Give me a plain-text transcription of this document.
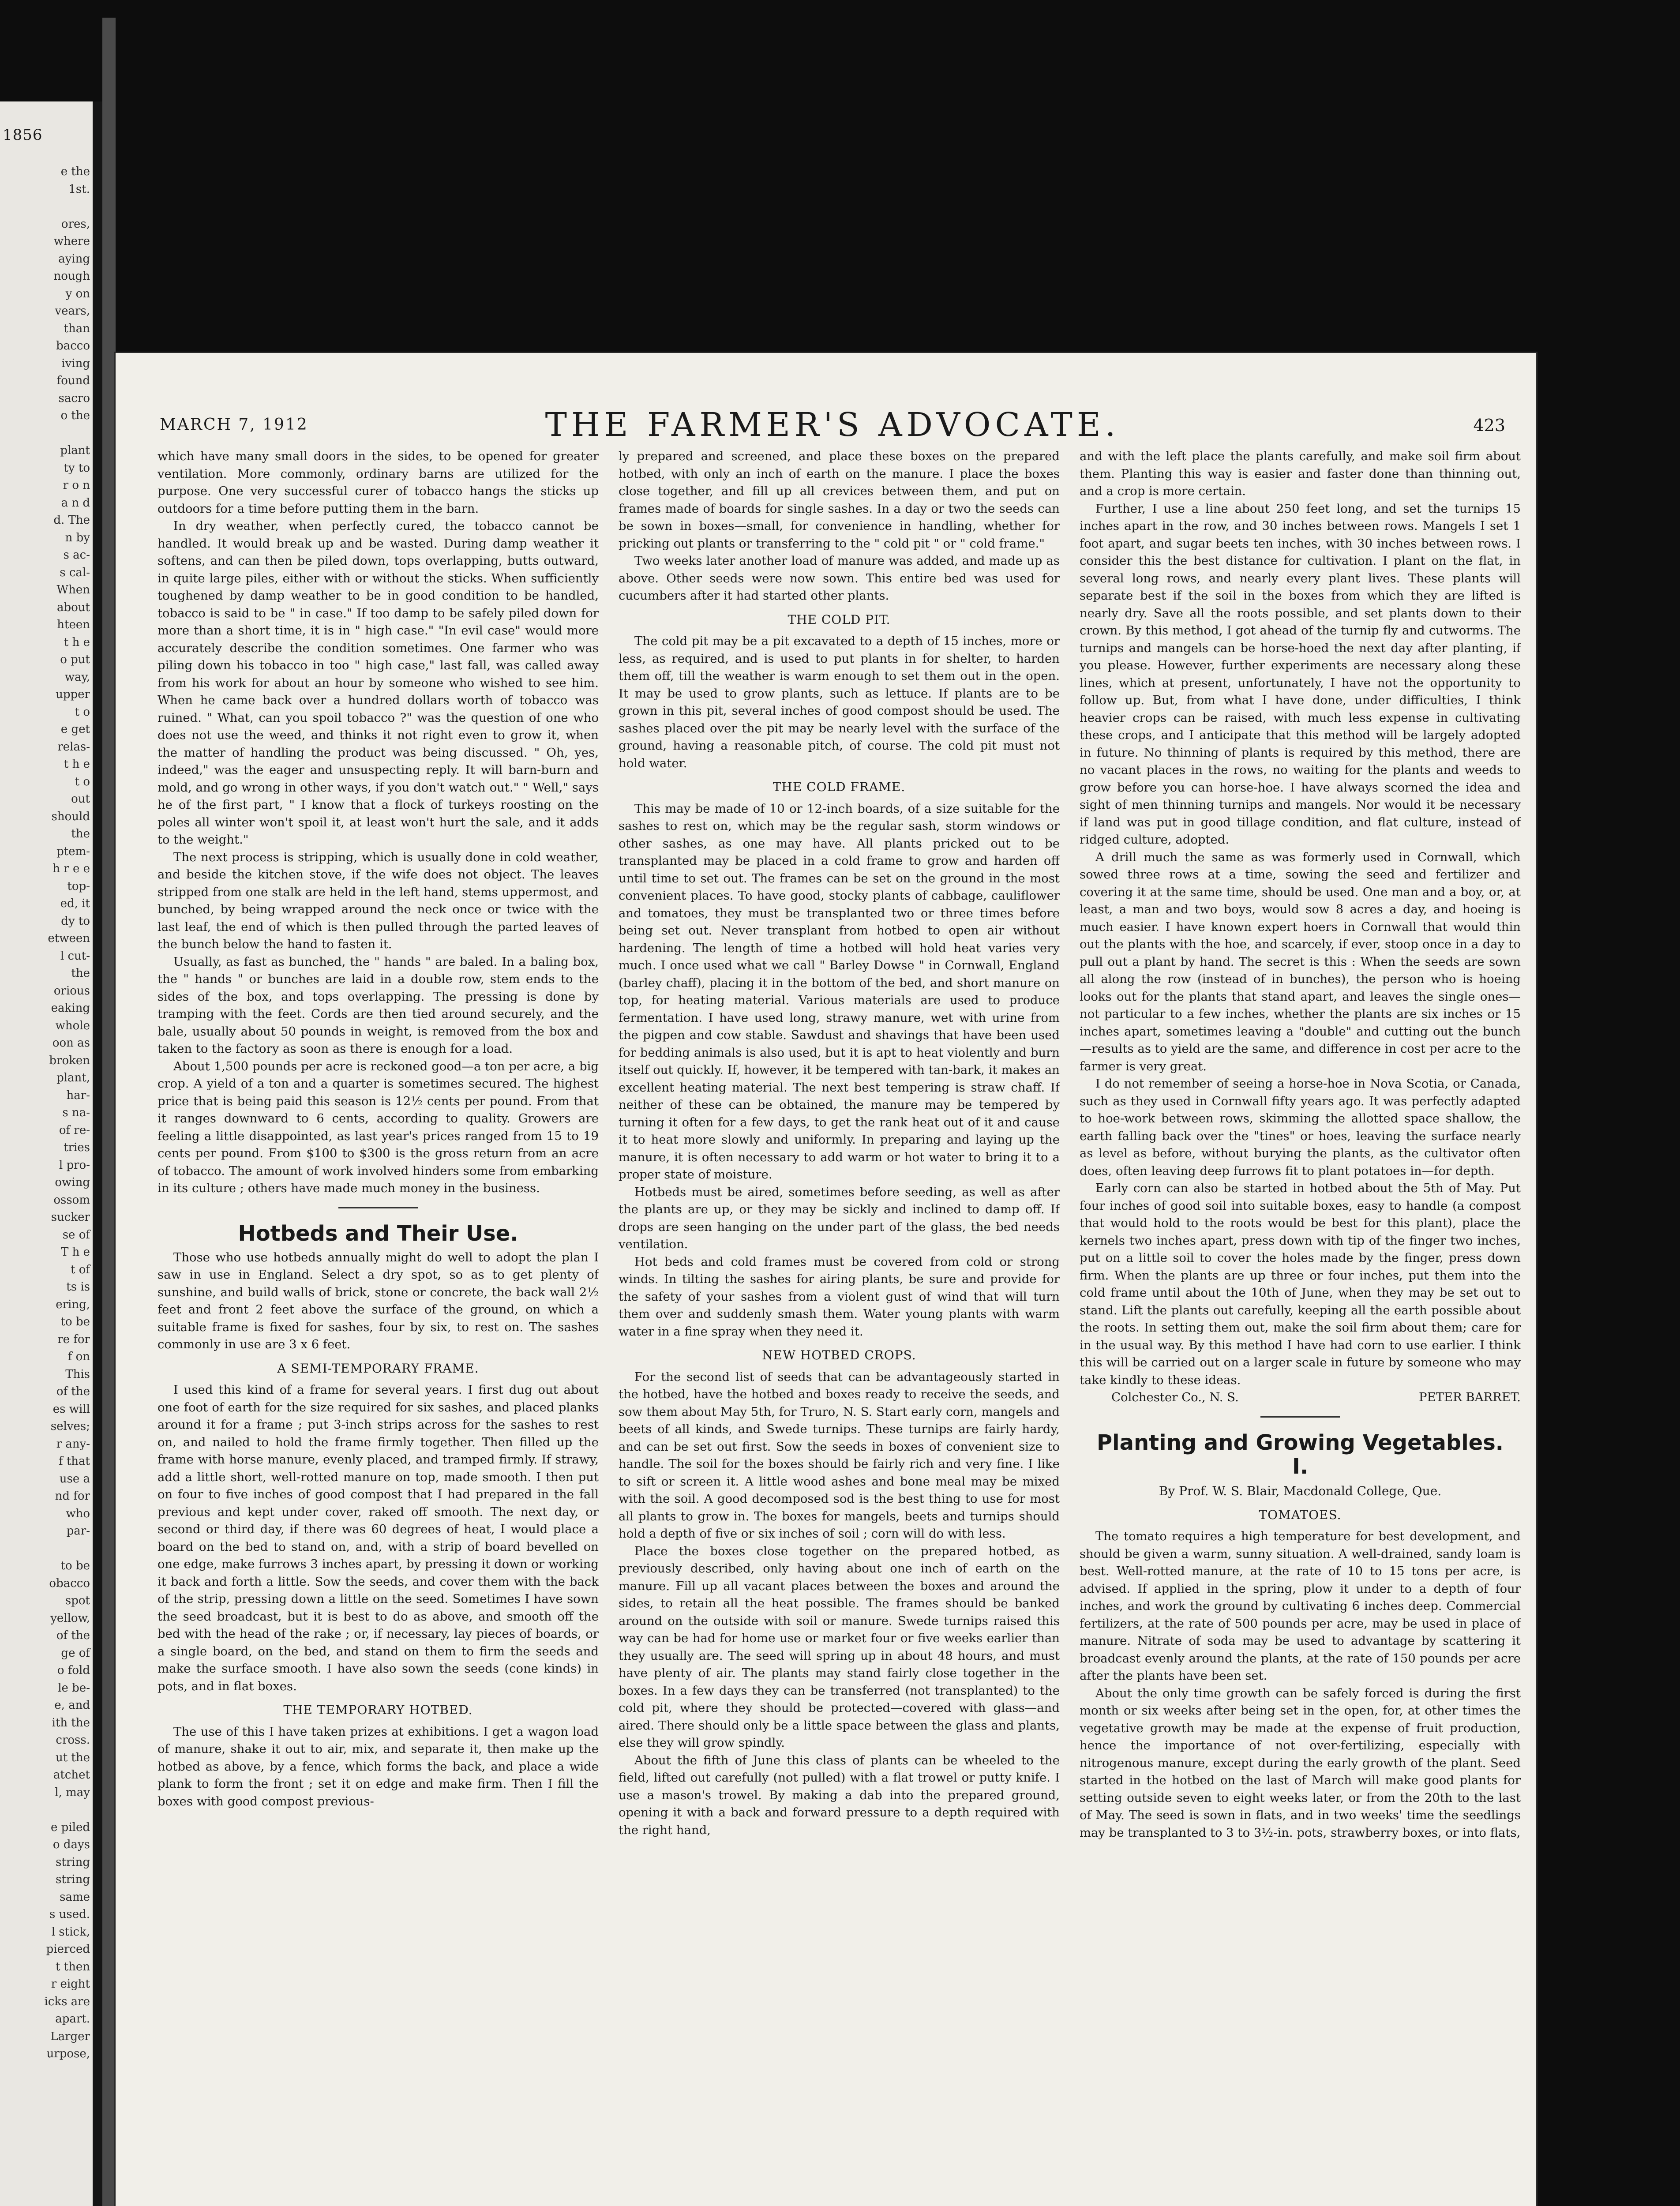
1856
e the
1st.

ores,
where
aying
nough
y on
vears,
than
bacco
iving
found
sacro
o the

plant
ty to
r o n
a n d
d. The
n by
s ac-
s cal-
When
about
hteen
t h e
o put
way,
upper
t o
e get
relas-
t h e
t o
out
should
the
ptem-
h r e e
top-
ed, it
dy to
etween
l cut-
the
orious
eaking
whole
oon as
broken
plant,
har-
s na-
of re-
tries
l pro-
owing
ossom
sucker
se of
T h e
t of
ts is
ering,
to be
re for
f on
This
of the
es will
selves;
r any-
f that
use a
nd for
who
par-

to be
obacco
spot
yellow,
of the
ge of
o fold
le be-
e, and
ith the
cross.
ut the
atchet
l, may

e piled
o days
string
string
same
s used.
l stick,
pierced
t then
r eight
icks are
apart.
Larger
urpose,
MARCH 7, 1912	THE FARMER'S ADVOCATE.	423

which have many small doors in the sides, to be opened for greater ventilation. More commonly, ordinary barns are utilized for the purpose. One very successful curer of tobacco hangs the sticks up outdoors for a time before putting them in the barn.

In dry weather, when perfectly cured, the tobacco cannot be handled. It would break up and be wasted. During damp weather it softens, and can then be piled down, tops overlapping, butts outward, in quite large piles, either with or without the sticks. When sufficiently toughened by damp weather to be in good condition to be handled, tobacco is said to be " in case." If too damp to be safely piled down for more than a short time, it is in " high case." "In evil case" would more accurately describe the condition sometimes. One farmer who was piling down his tobacco in too " high case," last fall, was called away from his work for about an hour by someone who wished to see him. When he came back over a hundred dollars worth of tobacco was ruined. " What, can you spoil tobacco ?" was the question of one who does not use the weed, and thinks it not right even to grow it, when the matter of handling the product was being discussed. " Oh, yes, indeed," was the eager and unsuspecting reply. It will barn-burn and mold, and go wrong in other ways, if you don't watch out." " Well," says he of the first part, " I know that a flock of turkeys roosting on the poles all winter won't spoil it, at least won't hurt the sale, and it adds to the weight."

The next process is stripping, which is usually done in cold weather, and beside the kitchen stove, if the wife does not object. The leaves stripped from one stalk are held in the left hand, stems uppermost, and bunched, by being wrapped around the neck once or twice with the last leaf, the end of which is then pulled through the parted leaves of the bunch below the hand to fasten it.

Usually, as fast as bunched, the " hands " are baled. In a baling box, the " hands " or bunches are laid in a double row, stem ends to the sides of the box, and tops overlapping. The pressing is done by tramping with the feet. Cords are then tied around securely, and the bale, usually about 50 pounds in weight, is removed from the box and taken to the factory as soon as there is enough for a load.

About 1,500 pounds per acre is reckoned good—a ton per acre, a big crop. A yield of a ton and a quarter is sometimes secured. The highest price that is being paid this season is 12½ cents per pound. From that it ranges downward to 6 cents, according to quality. Growers are feeling a little disappointed, as last year's prices ranged from 15 to 19 cents per pound. From $100 to $300 is the gross return from an acre of tobacco. The amount of work involved hinders some from embarking in its culture ; others have made much money in the business.

Hotbeds and Their Use.

Those who use hotbeds annually might do well to adopt the plan I saw in use in England. Select a dry spot, so as to get plenty of sunshine, and build walls of brick, stone or concrete, the back wall 2½ feet and front 2 feet above the surface of the ground, on which a suitable frame is fixed for sashes, four by six, to rest on. The sashes commonly in use are 3 x 6 feet.

A SEMI-TEMPORARY FRAME.

I used this kind of a frame for several years. I first dug out about one foot of earth for the size required for six sashes, and placed planks around it for a frame ; put 3-inch strips across for the sashes to rest on, and nailed to hold the frame firmly together. Then filled up the frame with horse manure, evenly placed, and tramped firmly. If strawy, add a little short, well-rotted manure on top, made smooth. I then put on four to five inches of good compost that I had prepared in the fall previous and kept under cover, raked off smooth. The next day, or second or third day, if there was 60 degrees of heat, I would place a board on the bed to stand on, and, with a strip of board bevelled on one edge, make furrows 3 inches apart, by pressing it down or working it back and forth a little. Sow the seeds, and cover them with the back of the strip, pressing down a little on the seed. Sometimes I have sown the seed broadcast, but it is best to do as above, and smooth off the bed with the head of the rake ; or, if necessary, lay pieces of boards, or a single board, on the bed, and stand on them to firm the seeds and make the surface smooth. I have also sown the seeds (cone kinds) in pots, and in flat boxes.

THE TEMPORARY HOTBED.

The use of this I have taken prizes at exhibitions. I get a wagon load of manure, shake it out to air, mix, and separate it, then make up the hotbed as above, by a fence, which forms the back, and place a wide plank to form the front ; set it on edge and make firm. Then I fill the boxes with good compost previous-

ly prepared and screened, and place these boxes on the prepared hotbed, with only an inch of earth on the manure. I place the boxes close together, and fill up all crevices between them, and put on frames made of boards for single sashes. In a day or two the seeds can be sown in boxes—small, for convenience in handling, whether for pricking out plants or transferring to the " cold pit " or " cold frame."

Two weeks later another load of manure was added, and made up as above. Other seeds were now sown. This entire bed was used for cucumbers after it had started other plants.

THE COLD PIT.

The cold pit may be a pit excavated to a depth of 15 inches, more or less, as required, and is used to put plants in for shelter, to harden them off, till the weather is warm enough to set them out in the open. It may be used to grow plants, such as lettuce. If plants are to be grown in this pit, several inches of good compost should be used. The sashes placed over the pit may be nearly level with the surface of the ground, having a reasonable pitch, of course. The cold pit must not hold water.

THE COLD FRAME.

This may be made of 10 or 12-inch boards, of a size suitable for the sashes to rest on, which may be the regular sash, storm windows or other sashes, as one may have. All plants pricked out to be transplanted may be placed in a cold frame to grow and harden off until time to set out. The frames can be set on the ground in the most convenient places. To have good, stocky plants of cabbage, cauliflower and tomatoes, they must be transplanted two or three times before being set out. Never transplant from hotbed to open air without hardening. The length of time a hotbed will hold heat varies very much. I once used what we call " Barley Dowse " in Cornwall, England (barley chaff), placing it in the bottom of the bed, and short manure on top, for heating material. Various materials are used to produce fermentation. I have used long, strawy manure, wet with urine from the pigpen and cow stable. Sawdust and shavings that have been used for bedding animals is also used, but it is apt to heat violently and burn itself out quickly. If, however, it be tempered with tan-bark, it makes an excellent heating material. The next best tempering is straw chaff. If neither of these can be obtained, the manure may be tempered by turning it often for a few days, to get the rank heat out of it and cause it to heat more slowly and uniformly. In preparing and laying up the manure, it is often necessary to add warm or hot water to bring it to a proper state of moisture.

Hotbeds must be aired, sometimes before seeding, as well as after the plants are up, or they may be sickly and inclined to damp off. If drops are seen hanging on the under part of the glass, the bed needs ventilation.

Hot beds and cold frames must be covered from cold or strong winds. In tilting the sashes for airing plants, be sure and provide for the safety of your sashes from a violent gust of wind that will turn them over and suddenly smash them. Water young plants with warm water in a fine spray when they need it.

NEW HOTBED CROPS.

For the second list of seeds that can be advantageously started in the hotbed, have the hotbed and boxes ready to receive the seeds, and sow them about May 5th, for Truro, N. S. Start early corn, mangels and beets of all kinds, and Swede turnips. These turnips are fairly hardy, and can be set out first. Sow the seeds in boxes of convenient size to handle. The soil for the boxes should be fairly rich and very fine. I like to sift or screen it. A little wood ashes and bone meal may be mixed with the soil. A good decomposed sod is the best thing to use for most all plants to grow in. The boxes for mangels, beets and turnips should hold a depth of five or six inches of soil ; corn will do with less.

Place the boxes close together on the prepared hotbed, as previously described, only having about one inch of earth on the manure. Fill up all vacant places between the boxes and around the sides, to retain all the heat possible. The frames should be banked around on the outside with soil or manure. Swede turnips raised this way can be had for home use or market four or five weeks earlier than they usually are. The seed will spring up in about 48 hours, and must have plenty of air. The plants may stand fairly close together in the boxes. In a few days they can be transferred (not transplanted) to the cold pit, where they should be protected—covered with glass—and aired. There should only be a little space between the glass and plants, else they will grow spindly.

About the fifth of June this class of plants can be wheeled to the field, lifted out carefully (not pulled) with a flat trowel or putty knife. I use a mason's trowel. By making a dab into the prepared ground, opening it with a back and forward pressure to a depth required with the right hand,

and with the left place the plants carefully, and make soil firm about them. Planting this way is easier and faster done than thinning out, and a crop is more certain.

Further, I use a line about 250 feet long, and set the turnips 15 inches apart in the row, and 30 inches between rows. Mangels I set 1 foot apart, and sugar beets ten inches, with 30 inches between rows. I consider this the best distance for cultivation. I plant on the flat, in several long rows, and nearly every plant lives. These plants will separate best if the soil in the boxes from which they are lifted is nearly dry. Save all the roots possible, and set plants down to their crown. By this method, I got ahead of the turnip fly and cutworms. The turnips and mangels can be horse-hoed the next day after planting, if you please. However, further experiments are necessary along these lines, which at present, unfortunately, I have not the opportunity to follow up. But, from what I have done, under difficulties, I think heavier crops can be raised, with much less expense in cultivating these crops, and I anticipate that this method will be largely adopted in future. No thinning of plants is required by this method, there are no vacant places in the rows, no waiting for the plants and weeds to grow before you can horse-hoe. I have always scorned the idea and sight of men thinning turnips and mangels. Nor would it be necessary if land was put in good tillage condition, and flat culture, instead of ridged culture, adopted.

A drill much the same as was formerly used in Cornwall, which sowed three rows at a time, sowing the seed and fertilizer and covering it at the same time, should be used. One man and a boy, or, at least, a man and two boys, would sow 8 acres a day, and hoeing is much easier. I have known expert hoers in Cornwall that would thin out the plants with the hoe, and scarcely, if ever, stoop once in a day to pull out a plant by hand. The secret is this : When the seeds are sown all along the row (instead of in bunches), the person who is hoeing looks out for the plants that stand apart, and leaves the single ones—not particular to a few inches, whether the plants are six inches or 15 inches apart, sometimes leaving a "double" and cutting out the bunch—results as to yield are the same, and difference in cost per acre to the farmer is very great.

I do not remember of seeing a horse-hoe in Nova Scotia, or Canada, such as they used in Cornwall fifty years ago. It was perfectly adapted to hoe-work between rows, skimming the allotted space shallow, the earth falling back over the "tines" or hoes, leaving the surface nearly as level as before, without burying the plants, as the cultivator often does, often leaving deep furrows fit to plant potatoes in—for depth.

Early corn can also be started in hotbed about the 5th of May. Put four inches of good soil into suitable boxes, easy to handle (a compost that would hold to the roots would be best for this plant), place the kernels two inches apart, press down with tip of the finger two inches, put on a little soil to cover the holes made by the finger, press down firm. When the plants are up three or four inches, put them into the cold frame until about the 10th of June, when they may be set out to stand. Lift the plants out carefully, keeping all the earth possible about the roots. In setting them out, make the soil firm about them; care for in the usual way. By this method I have had corn to use earlier. I think this will be carried out on a larger scale in future by someone who may take kindly to these ideas.

Colchester Co., N. S.	PETER BARRET.

Planting and Growing Vegetables.
I.
By Prof. W. S. Blair, Macdonald College, Que.
TOMATOES.

The tomato requires a high temperature for best development, and should be given a warm, sunny situation. A well-drained, sandy loam is best. Well-rotted manure, at the rate of 10 to 15 tons per acre, is advised. If applied in the spring, plow it under to a depth of four inches, and work the ground by cultivating 6 inches deep. Commercial fertilizers, at the rate of 500 pounds per acre, may be used in place of manure. Nitrate of soda may be used to advantage by scattering it broadcast evenly around the plants, at the rate of 150 pounds per acre after the plants have been set.

About the only time growth can be safely forced is during the first month or six weeks after being set in the open, for, at other times the vegetative growth may be made at the expense of fruit production, hence the importance of not over-fertilizing, especially with nitrogenous manure, except during the early growth of the plant. Seed started in the hotbed on the last of March will make good plants for setting outside seven to eight weeks later, or from the 20th to the last of May. The seed is sown in flats, and in two weeks' time the seedlings may be transplanted to 3 to 3½-in. pots, strawberry boxes, or into flats,
